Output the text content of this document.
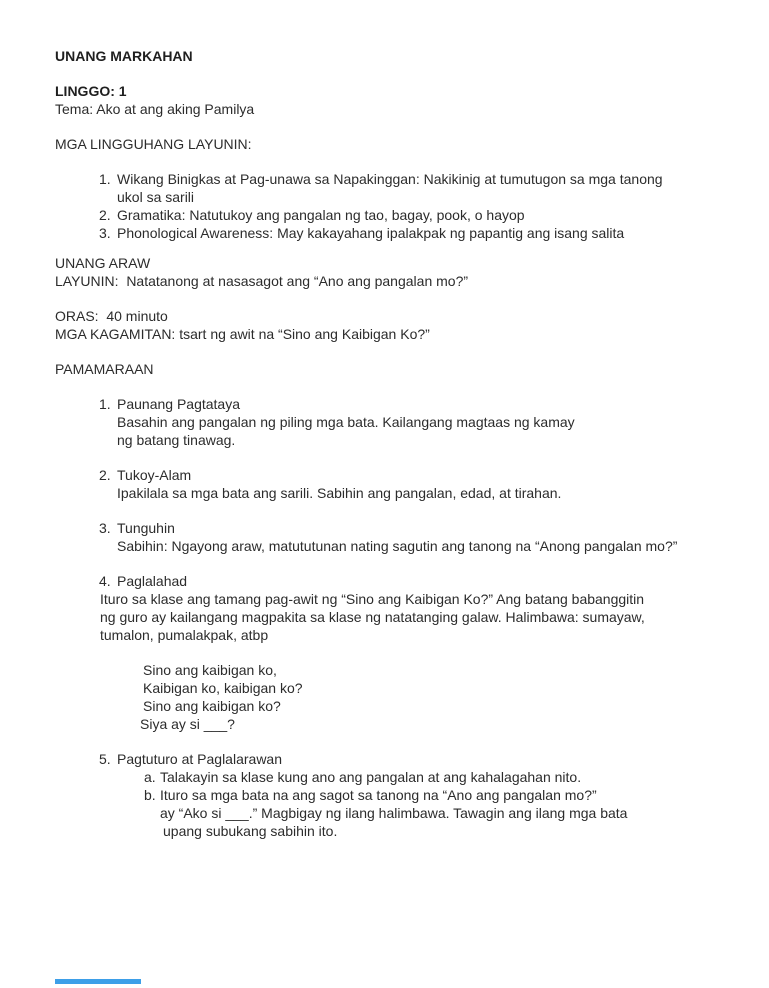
UNANG MARKAHAN

LINGGO: 1

Tema: Ako at ang aking Pamilya

MGA LINGGUHANG LAYUNIN:

1. Wikang Binigkas at Pag-unawa sa Napakinggan: Nakikinig at tumutugon sa mga tanong

ukol sa sarili

2. Gramatika: Natutukoy ang pangalan ng tao, bagay, pook, o hayop
3. Phonological Awareness: May kakayahang ipalakpak ng papantig ang isang salita

UNANG ARAW

LAYUNIN:  Natatanong at nasasagot ang “Ano ang pangalan mo?”

ORAS:  40 minuto

MGA KAGAMITAN: tsart ng awit na “Sino ang Kaibigan Ko?”

PAMAMARAAN

1. Paunang Pagtataya

Basahin ang pangalan ng piling mga bata. Kailangang magtaas ng kamay

ng batang tinawag.

2. Tukoy-Alam

Ipakilala sa mga bata ang sarili. Sabihin ang pangalan, edad, at tirahan.

3. Tunguhin

Sabihin: Ngayong araw, matututunan nating sagutin ang tanong na “Anong pangalan mo?”

4. Paglalahad

Ituro sa klase ang tamang pag-awit ng “Sino ang Kaibigan Ko?” Ang batang babanggitin

ng guro ay kailangang magpakita sa klase ng natatanging galaw. Halimbawa: sumayaw,

tumalon, pumalakpak, atbp

Sino ang kaibigan ko,

Kaibigan ko, kaibigan ko?

Sino ang kaibigan ko?

Siya ay si ___?

5. Pagtuturo at Paglalarawan
a. Talakayin sa klase kung ano ang pangalan at ang kahalagahan nito.
b. Ituro sa mga bata na ang sagot sa tanong na “Ano ang pangalan mo?”

ay “Ako si ___.” Magbigay ng ilang halimbawa. Tawagin ang ilang mga bata

upang subukang sabihin ito.
